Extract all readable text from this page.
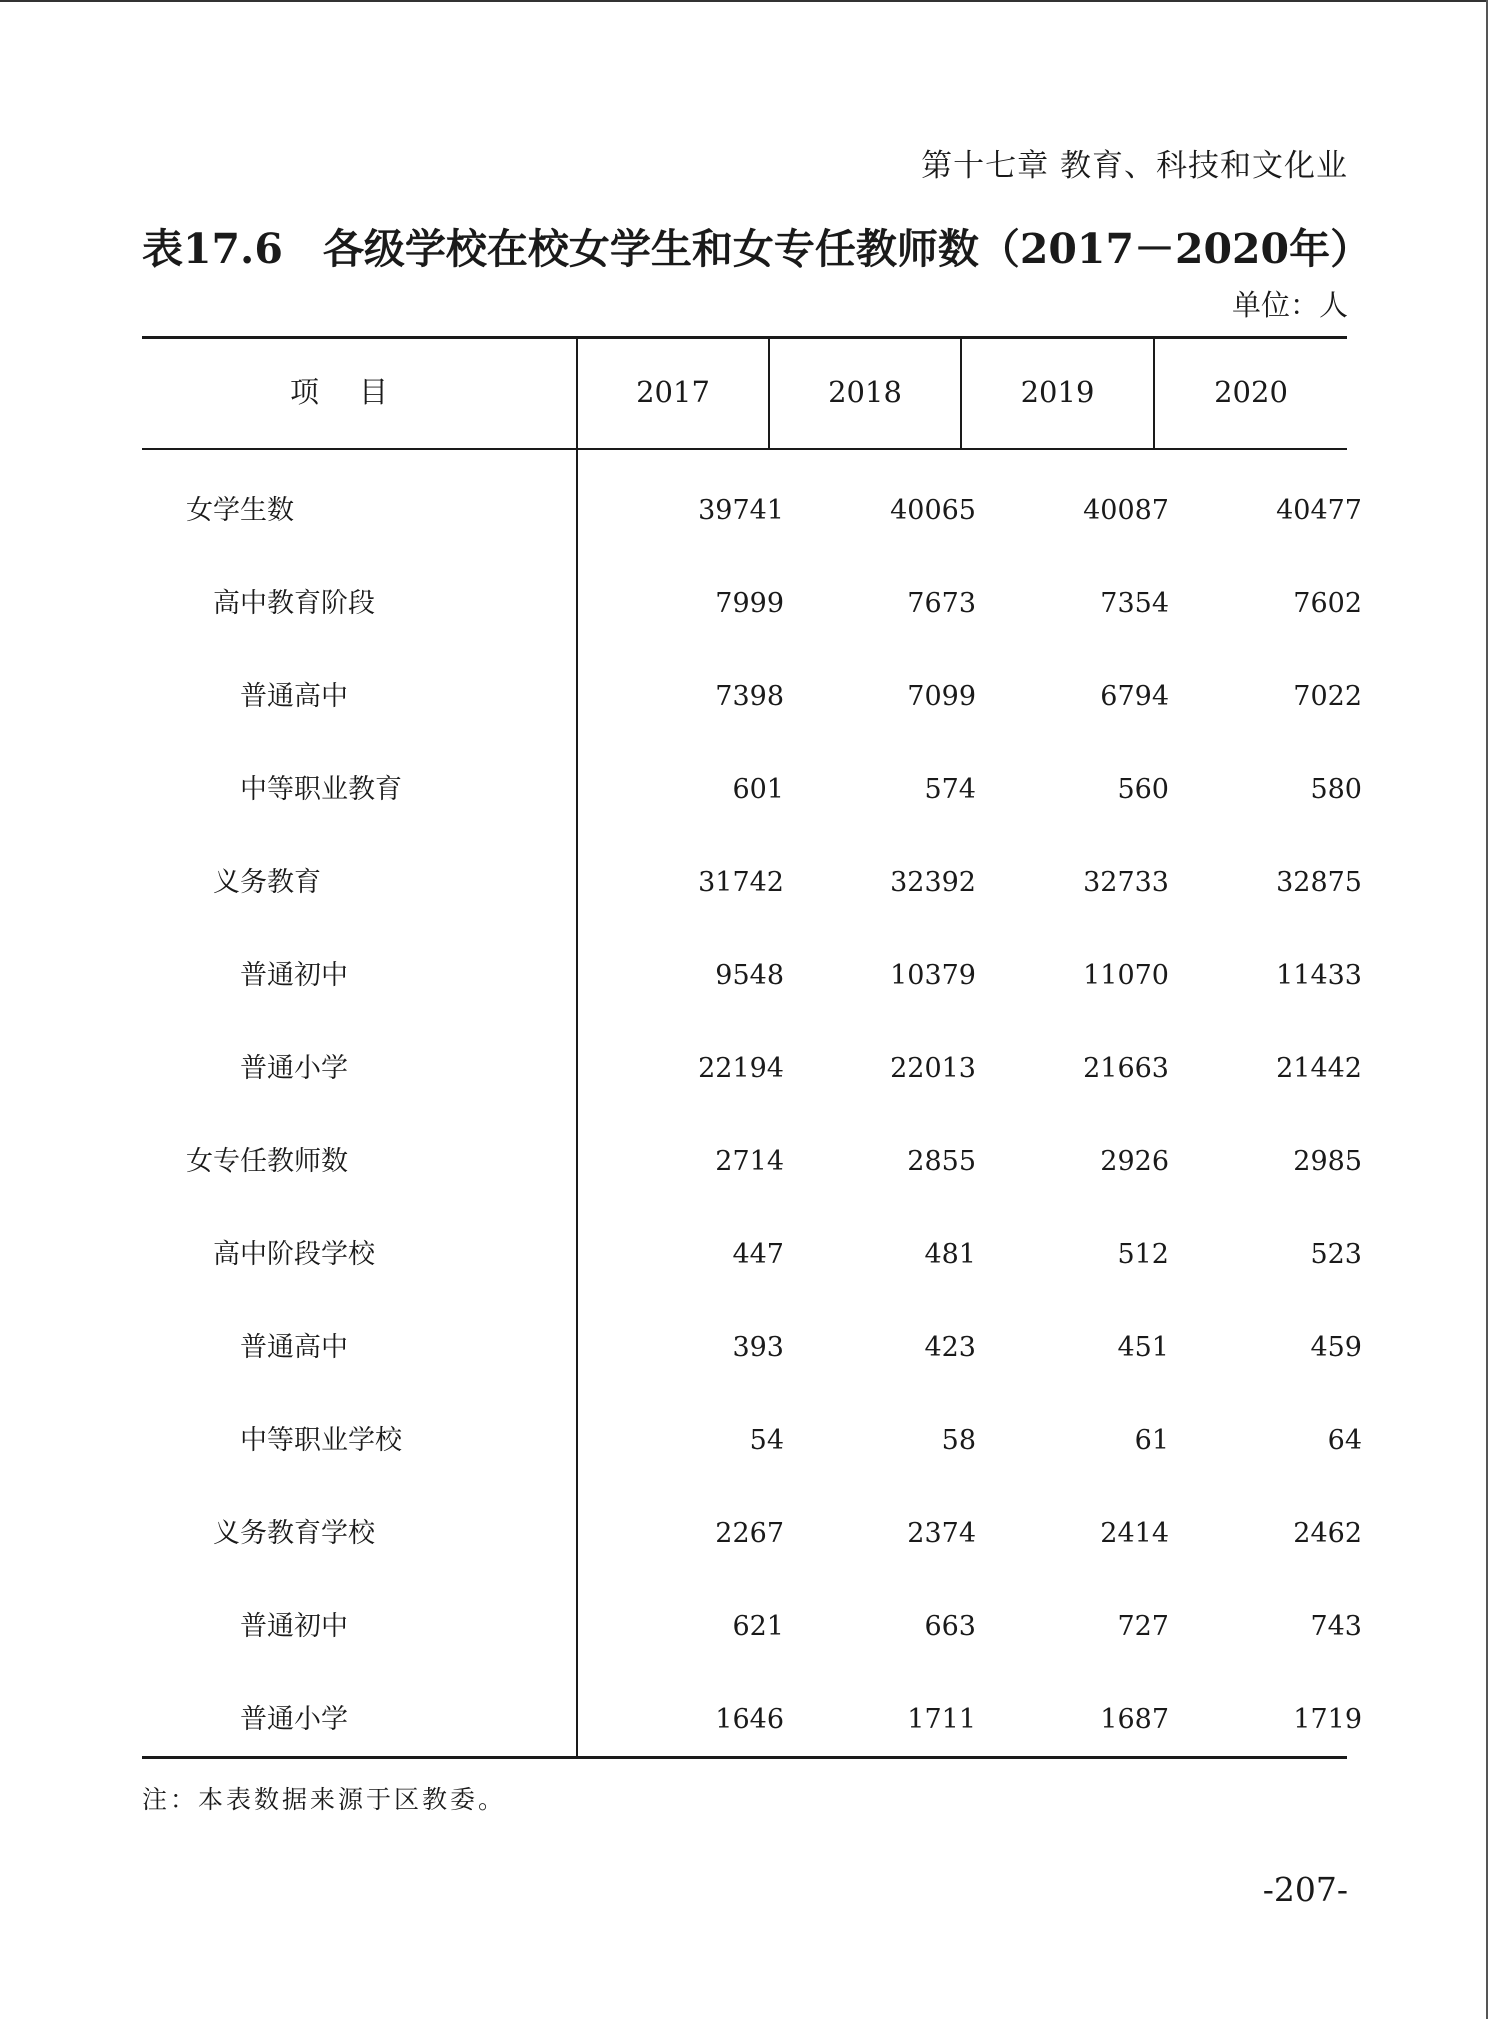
第十七章 教育、科技和文化业
表17.6 各级学校在校女学生和女专任教师数（2017－2020年）
单位：人
项目	2017	2018	2019	2020
女学生数	39741	40065	40087	40477
高中教育阶段	7999	7673	7354	7602
普通高中	7398	7099	6794	7022
中等职业教育	601	574	560	580
义务教育	31742	32392	32733	32875
普通初中	9548	10379	11070	11433
普通小学	22194	22013	21663	21442
女专任教师数	2714	2855	2926	2985
高中阶段学校	447	481	512	523
普通高中	393	423	451	459
中等职业学校	54	58	61	64
义务教育学校	2267	2374	2414	2462
普通初中	621	663	727	743
普通小学	1646	1711	1687	1719
注：本表数据来源于区教委。
-207-
